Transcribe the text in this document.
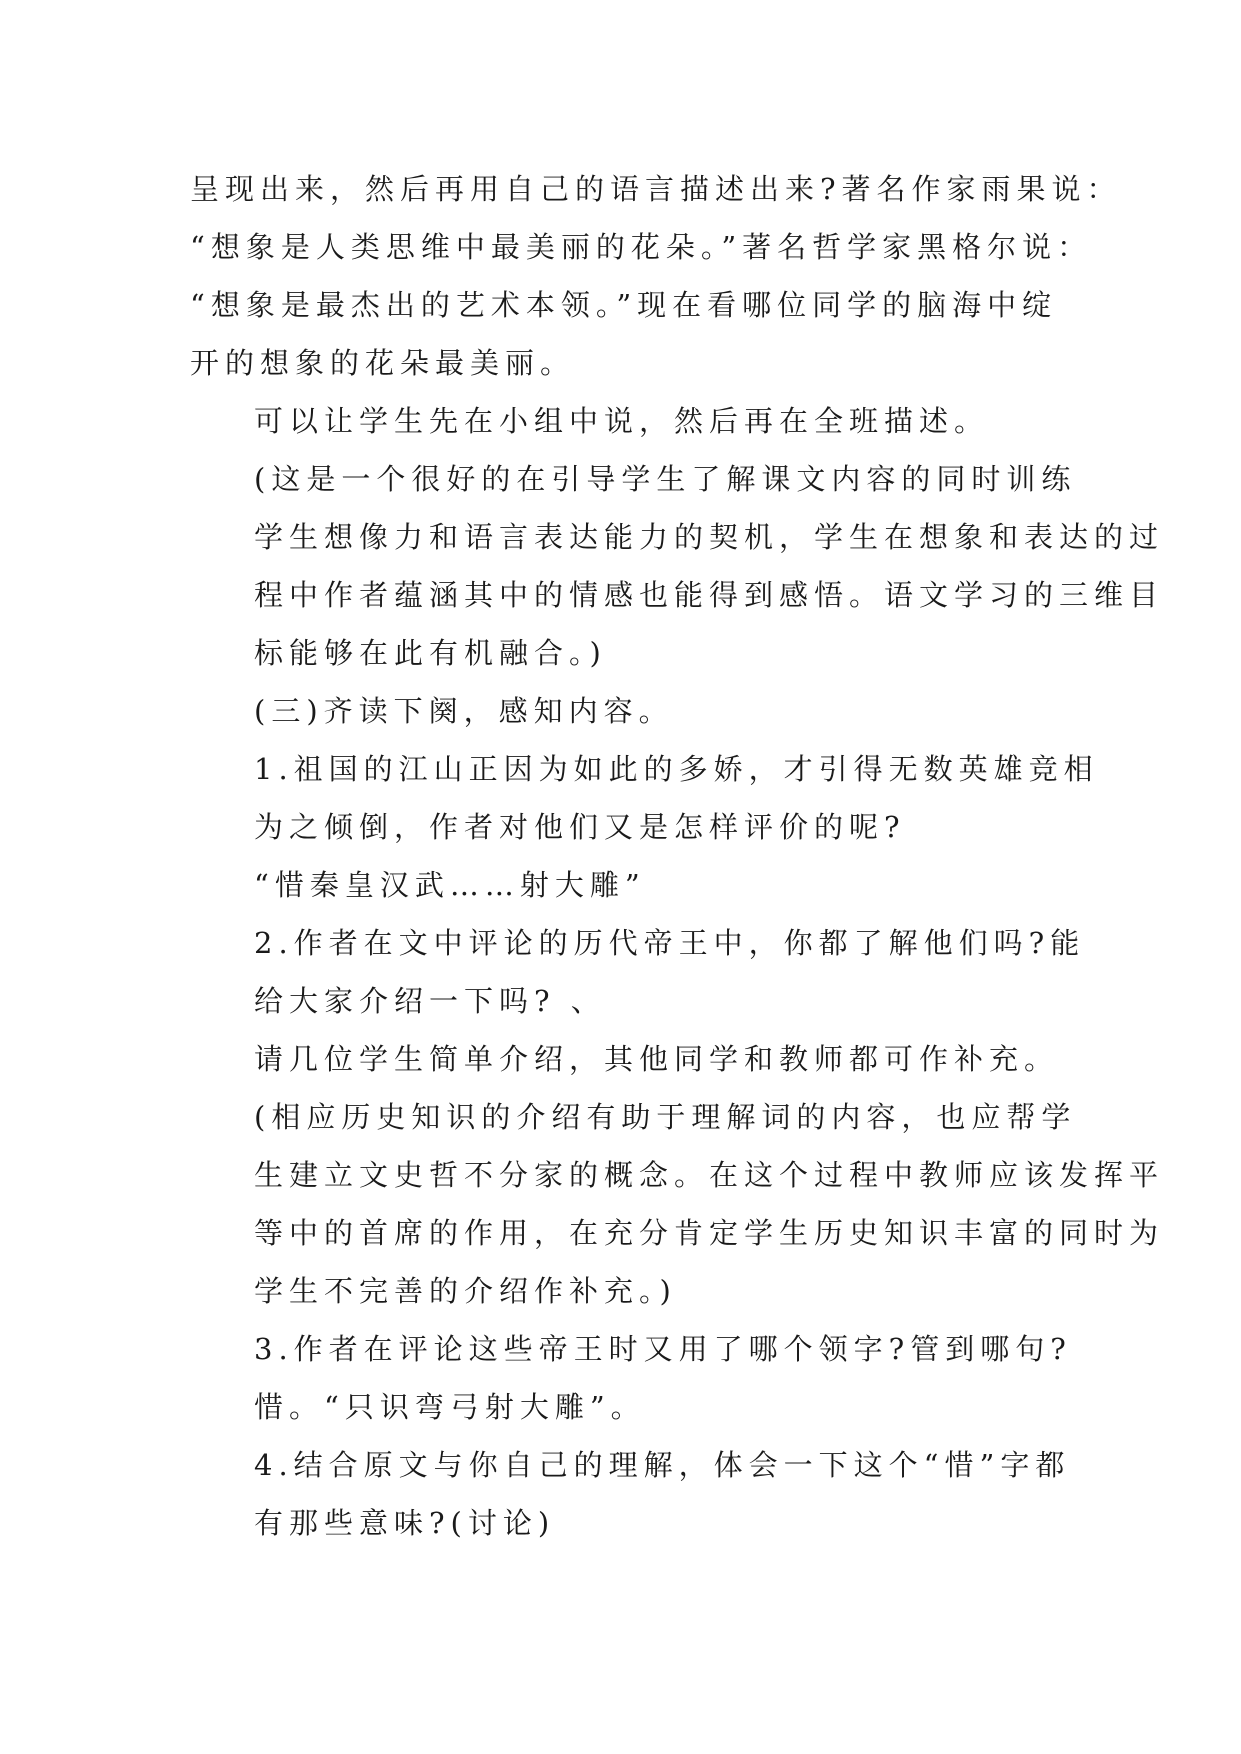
呈现出来，然后再用自己的语言描述出来?著名作家雨果说：
“想象是人类思维中最美丽的花朵。”著名哲学家黑格尔说：
“想象是最杰出的艺术本领。”现在看哪位同学的脑海中绽
开的想象的花朵最美丽。

可以让学生先在小组中说，然后再在全班描述。

(这是一个很好的在引导学生了解课文内容的同时训练
学生想像力和语言表达能力的契机，学生在想象和表达的过
程中作者蕴涵其中的情感也能得到感悟。语文学习的三维目
标能够在此有机融合。)

(三)齐读下阕，感知内容。

1.祖国的江山正因为如此的多娇，才引得无数英雄竞相
为之倾倒，作者对他们又是怎样评价的呢?

“惜秦皇汉武……射大雕”

2.作者在文中评论的历代帝王中，你都了解他们吗?能
给大家介绍一下吗? 、

请几位学生简单介绍，其他同学和教师都可作补充。

(相应历史知识的介绍有助于理解词的内容，也应帮学
生建立文史哲不分家的概念。在这个过程中教师应该发挥平
等中的首席的作用，在充分肯定学生历史知识丰富的同时为
学生不完善的介绍作补充。)

3.作者在评论这些帝王时又用了哪个领字?管到哪句?

惜。“只识弯弓射大雕”。

4.结合原文与你自己的理解，体会一下这个“惜”字都
有那些意味?(讨论)
